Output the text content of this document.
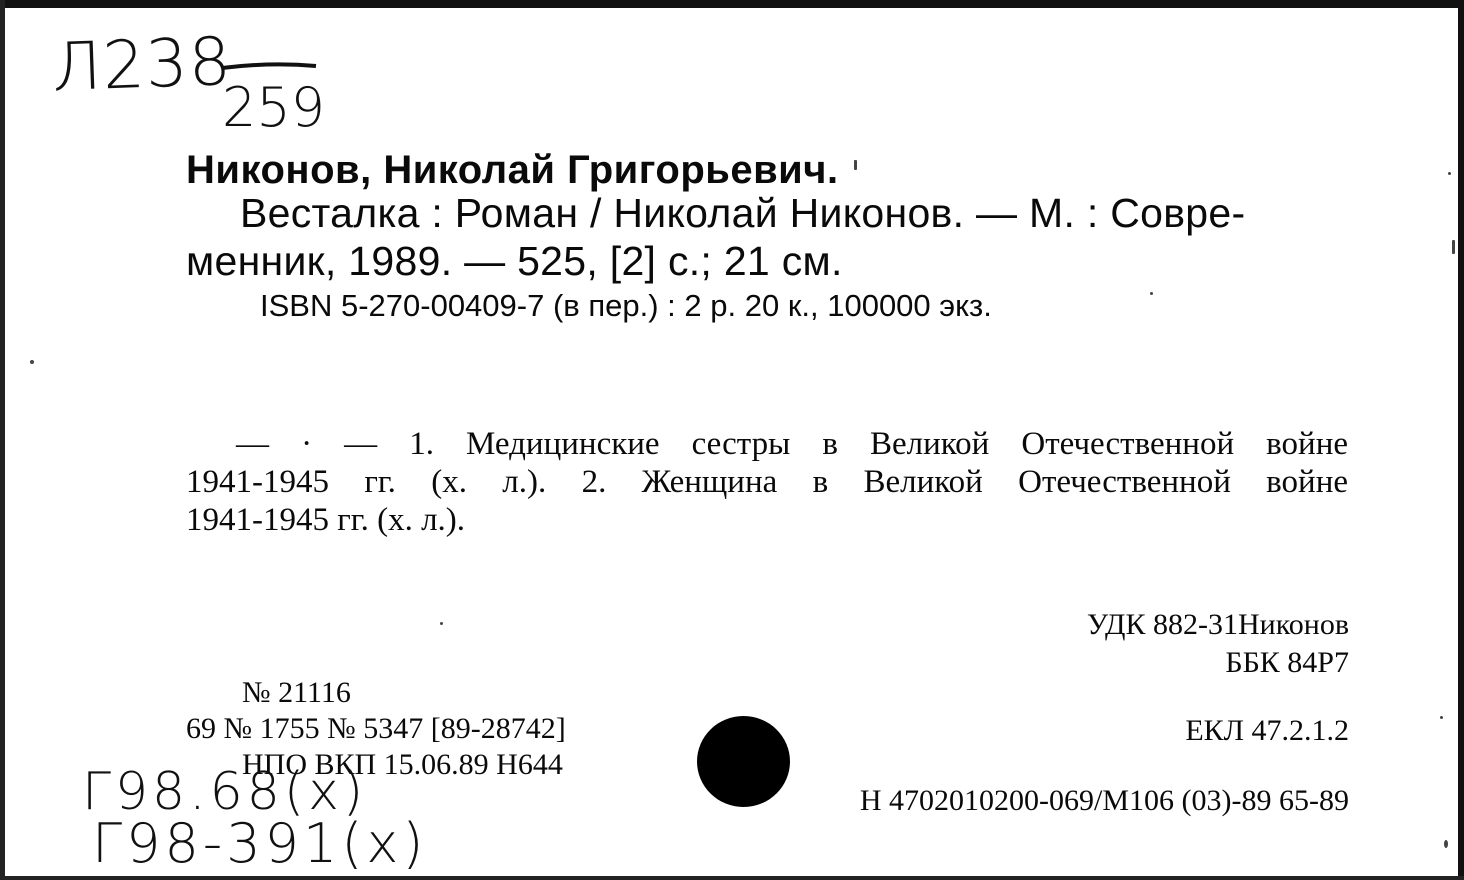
Л238
259
Никонов, Николай Григорьевич.
Весталка : Роман / Николай Никонов. — М. : Совре-
менник, 1989. — 525, [2] с.; 21 см.
ISBN 5-270-00409-7 (в пер.) : 2 р. 20 к., 100000 экз.
— · — 1. Медицинские сестры в Великой Отечественной войне
1941-1945 гг. (х. л.). 2. Женщина в Великой Отечественной войне
1941-1945 гг. (х. л.).
УДК 882-31Никонов
ББК 84Р7
ЕКЛ 47.2.1.2
№ 21116
69 № 1755 № 5347 [89-28742]
НПО ВКП 15.06.89 Н644
Н 4702010200-069/М106 (03)-89 65-89
Г98.68(х)
Г98-391(х)
